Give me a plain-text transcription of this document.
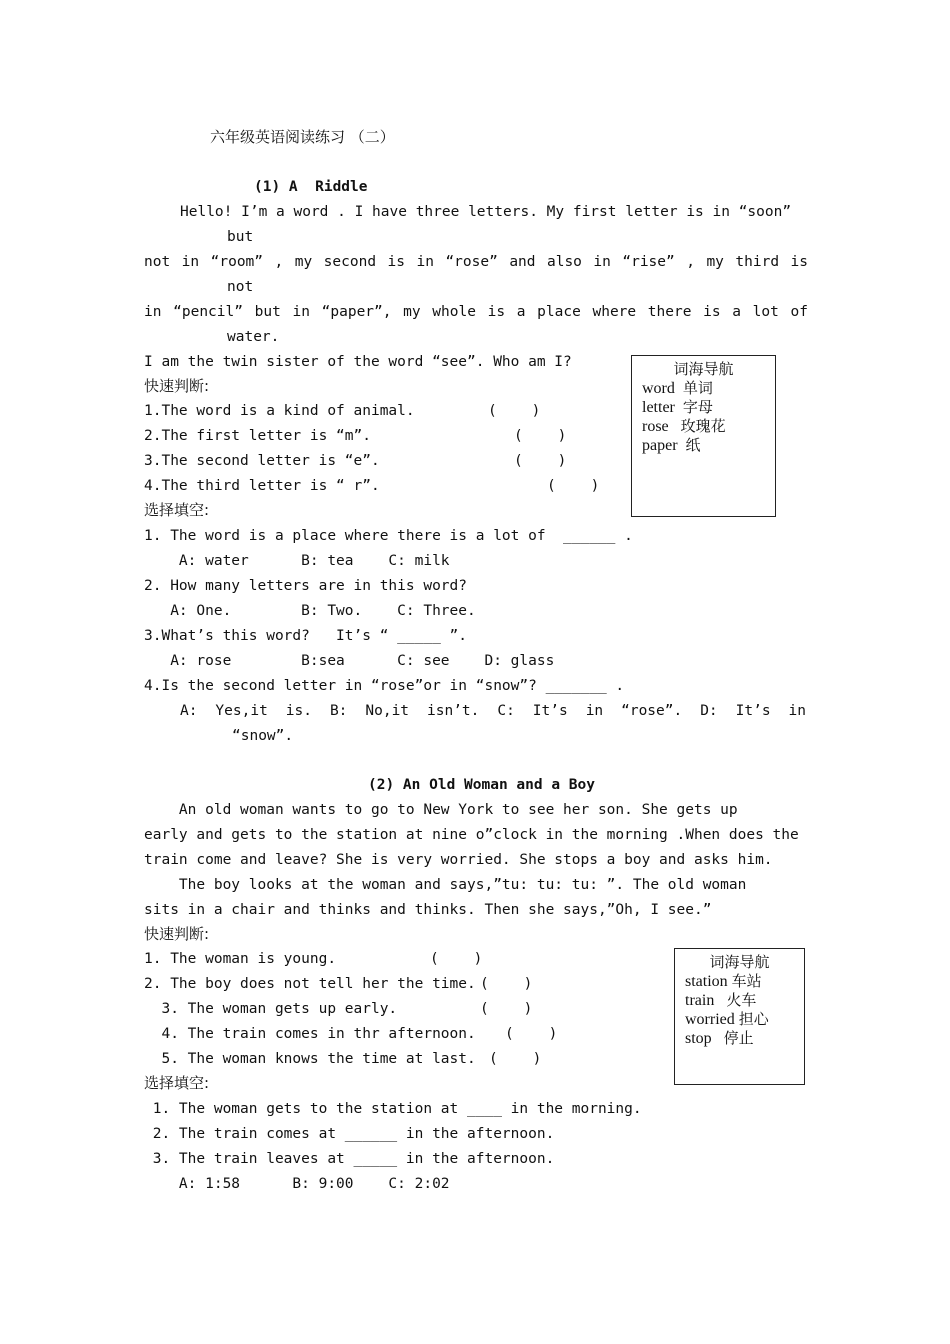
六年级英语阅读练习 （二）
(1) A  Riddle
Hello! I’m a word . I have three letters. My first letter is in “soon”
but
not in “room” , my second is in “rose” and also in “rise” , my third is
not
in “pencil” but in “paper”, my whole is a place where there is a lot of
water.
I am the twin sister of the word “see”. Who am I?
快速判断:
1.The word is a kind of animal.	(    )
2.The first letter is “m”.	(    )
3.The second letter is “e”.	(    )
4.The third letter is “ r”.	(    )
选择填空:
1. The word is a place where there is a lot of  ______ .
A: water      B: tea    C: milk
2. How many letters are in this word?
A: One.        B: Two.    C: Three.
3.What’s this word?   It’s “ _____ ”.
A: rose        B:sea      C: see    D: glass
4.Is the second letter in “rose”or in “snow”? _______ .
A: Yes,it is. B: No,it isn’t. C: It’s in “rose”. D: It’s in
“snow”.
词海导航
word 单词
letter 字母
rose 玫瑰花
paper 纸
(2) An Old Woman and a Boy
An old woman wants to go to New York to see her son. She gets up
early and gets to the station at nine o”clock in the morning .When does the
train come and leave? She is very worried. She stops a boy and asks him.
The boy looks at the woman and says,”tu: tu: tu: ”. The old woman
sits in a chair and thinks and thinks. Then she says,”Oh, I see.”
快速判断:
1. The woman is young.	(    )
2. The boy does not tell her the time. (    )
3. The woman gets up early.	(    )
4. The train comes in thr afternoon.	(    )
5. The woman knows the time at last. (    )
选择填空:
1. The woman gets to the station at ____ in the morning.
2. The train comes at ______ in the afternoon.
3. The train leaves at _____ in the afternoon.
A: 1:58      B: 9:00    C: 2:02
词海导航
station 车站
train 火车
worried 担心
stop 停止
